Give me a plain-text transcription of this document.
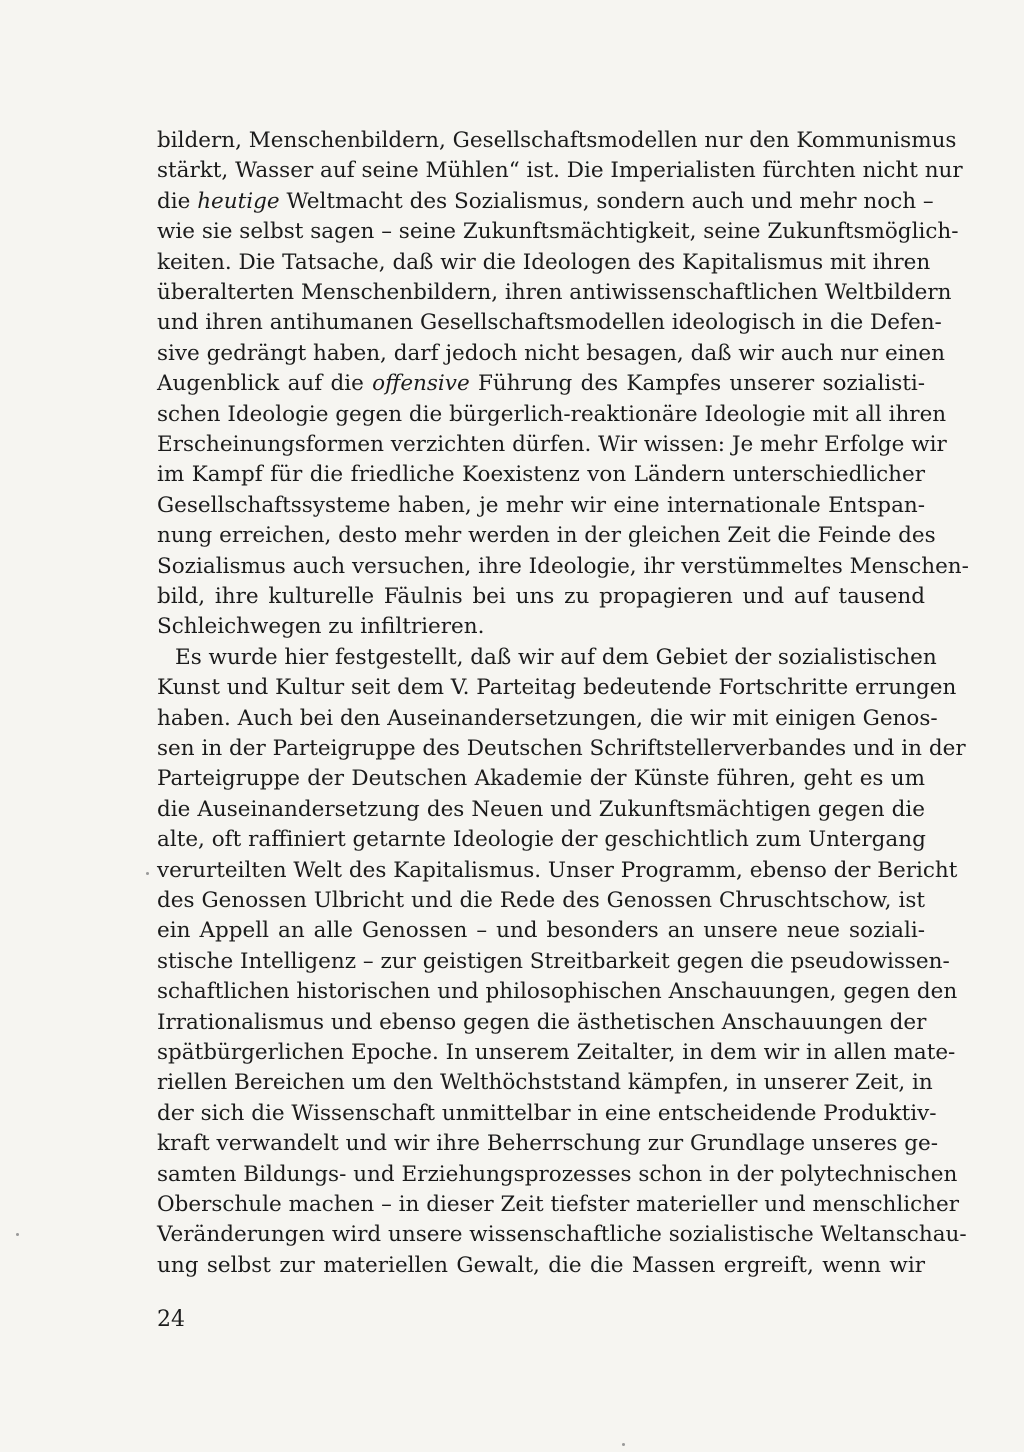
bildern, Menschenbildern, Gesellschaftsmodellen nur den Kommunismus
stärkt, Wasser auf seine Mühlen“ ist. Die Imperialisten fürchten nicht nur
die heutige Weltmacht des Sozialismus, sondern auch und mehr noch –
wie sie selbst sagen – seine Zukunftsmächtigkeit, seine Zukunftsmöglich-
keiten. Die Tatsache, daß wir die Ideologen des Kapitalismus mit ihren
überalterten Menschenbildern, ihren antiwissenschaftlichen Weltbildern
und ihren antihumanen Gesellschaftsmodellen ideologisch in die Defen-
sive gedrängt haben, darf jedoch nicht besagen, daß wir auch nur einen
Augenblick auf die offensive Führung des Kampfes unserer sozialisti-
schen Ideologie gegen die bürgerlich-reaktionäre Ideologie mit all ihren
Erscheinungsformen verzichten dürfen. Wir wissen: Je mehr Erfolge wir
im Kampf für die friedliche Koexistenz von Ländern unterschiedlicher
Gesellschaftssysteme haben, je mehr wir eine internationale Entspan-
nung erreichen, desto mehr werden in der gleichen Zeit die Feinde des
Sozialismus auch versuchen, ihre Ideologie, ihr verstümmeltes Menschen-
bild, ihre kulturelle Fäulnis bei uns zu propagieren und auf tausend
Schleichwegen zu infiltrieren.
Es wurde hier festgestellt, daß wir auf dem Gebiet der sozialistischen
Kunst und Kultur seit dem V. Parteitag bedeutende Fortschritte errungen
haben. Auch bei den Auseinandersetzungen, die wir mit einigen Genos-
sen in der Parteigruppe des Deutschen Schriftstellerverbandes und in der
Parteigruppe der Deutschen Akademie der Künste führen, geht es um
die Auseinandersetzung des Neuen und Zukunftsmächtigen gegen die
alte, oft raffiniert getarnte Ideologie der geschichtlich zum Untergang
verurteilten Welt des Kapitalismus. Unser Programm, ebenso der Bericht
des Genossen Ulbricht und die Rede des Genossen Chruschtschow, ist
ein Appell an alle Genossen – und besonders an unsere neue soziali-
stische Intelligenz – zur geistigen Streitbarkeit gegen die pseudowissen-
schaftlichen historischen und philosophischen Anschauungen, gegen den
Irrationalismus und ebenso gegen die ästhetischen Anschauungen der
spätbürgerlichen Epoche. In unserem Zeitalter, in dem wir in allen mate-
riellen Bereichen um den Welthöchststand kämpfen, in unserer Zeit, in
der sich die Wissenschaft unmittelbar in eine entscheidende Produktiv-
kraft verwandelt und wir ihre Beherrschung zur Grundlage unseres ge-
samten Bildungs- und Erziehungsprozesses schon in der polytechnischen
Oberschule machen – in dieser Zeit tiefster materieller und menschlicher
Veränderungen wird unsere wissenschaftliche sozialistische Weltanschau-
ung selbst zur materiellen Gewalt, die die Massen ergreift, wenn wir
24
